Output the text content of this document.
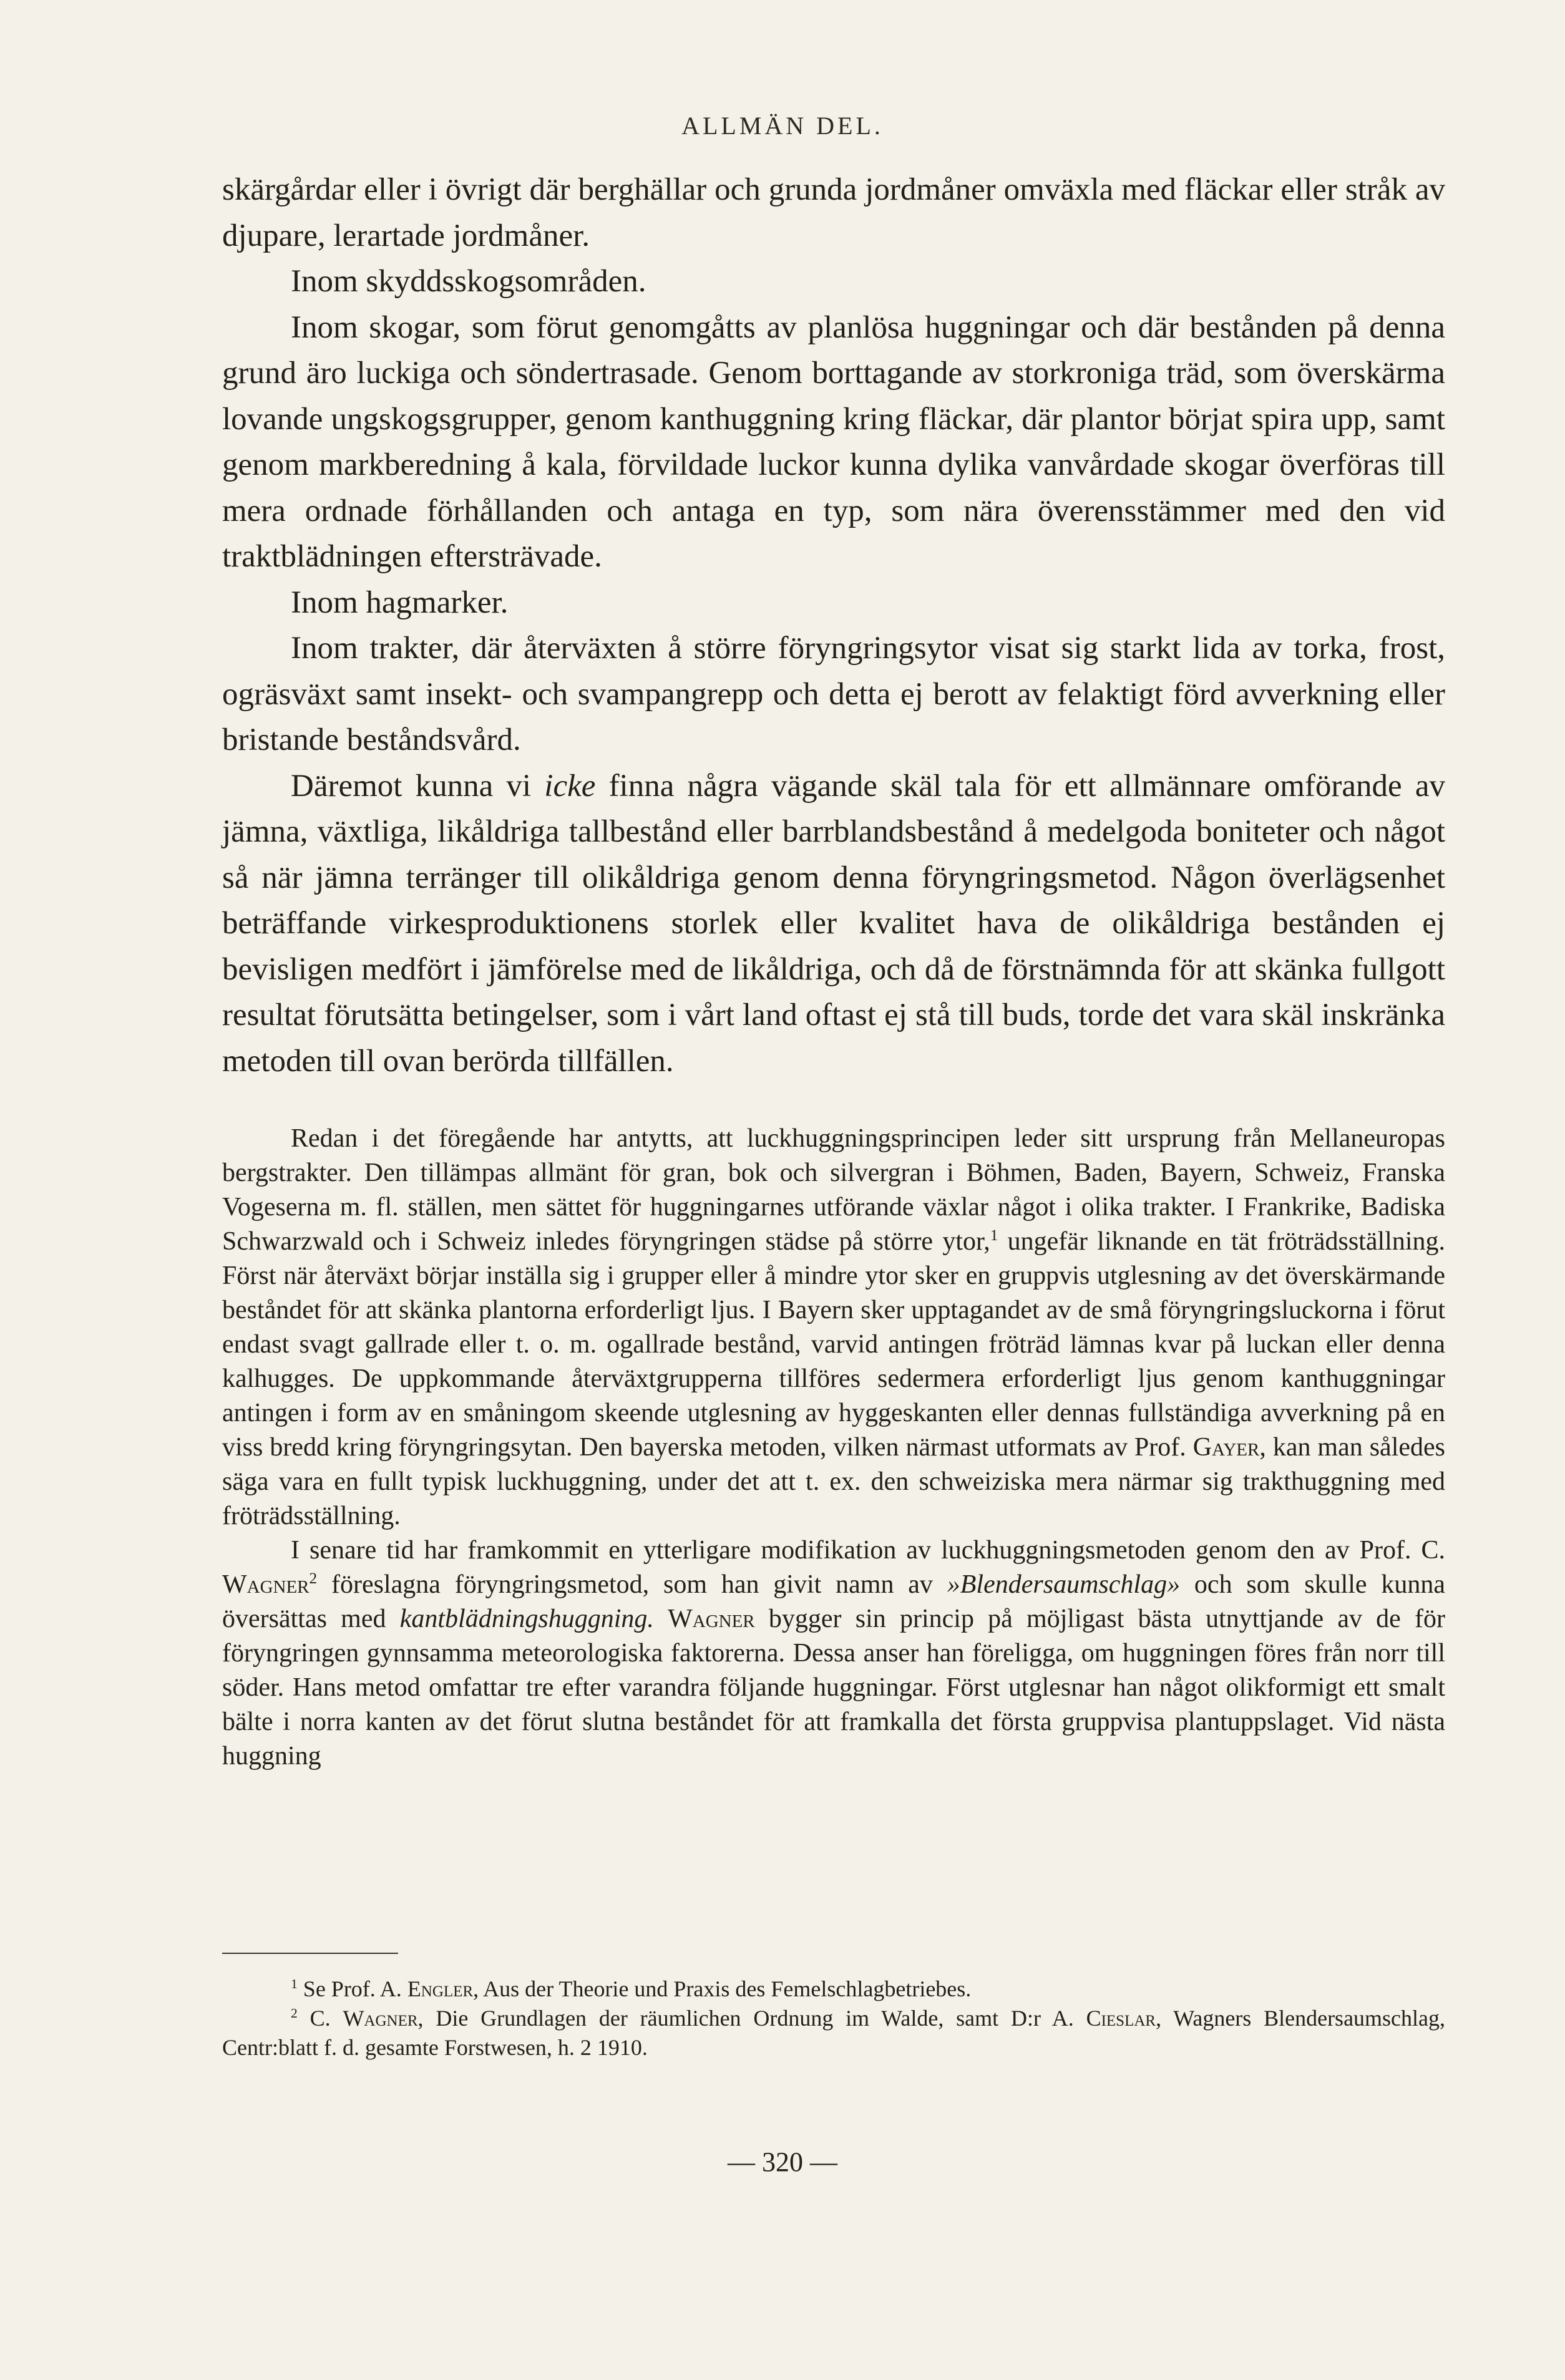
ALLMÄN DEL.

skärgårdar eller i övrigt där berghällar och grunda jordmåner omväxla med fläckar eller stråk av djupare, lerartade jordmåner.

Inom skyddsskogsområden.

Inom skogar, som förut genomgåtts av planlösa huggningar och där bestånden på denna grund äro luckiga och söndertrasade. Genom borttagande av storkroniga träd, som överskärma lovande ungskogsgrupper, genom kanthuggning kring fläckar, där plantor börjat spira upp, samt genom markberedning å kala, förvildade luckor kunna dylika vanvårdade skogar överföras till mera ordnade förhållanden och antaga en typ, som nära överensstämmer med den vid traktblädningen eftersträvade.

Inom hagmarker.

Inom trakter, där återväxten å större föryngringsytor visat sig starkt lida av torka, frost, ogräsväxt samt insekt- och svampangrepp och detta ej berott av felaktigt förd avverkning eller bristande beståndsvård.

Däremot kunna vi icke finna några vägande skäl tala för ett allmännare omförande av jämna, växtliga, likåldriga tallbestånd eller barrblandsbestånd å medelgoda boniteter och något så när jämna terränger till olikåldriga genom denna föryngringsmetod. Någon överlägsenhet beträffande virkesproduktionens storlek eller kvalitet hava de olikåldriga bestånden ej bevisligen medfört i jämförelse med de likåldriga, och då de förstnämnda för att skänka fullgott resultat förutsätta betingelser, som i vårt land oftast ej stå till buds, torde det vara skäl inskränka metoden till ovan berörda tillfällen.

Redan i det föregående har antytts, att luckhuggningsprincipen leder sitt ursprung från Mellaneuropas bergstrakter. Den tillämpas allmänt för gran, bok och silvergran i Böhmen, Baden, Bayern, Schweiz, Franska Vogeserna m. fl. ställen, men sättet för huggningarnes utförande växlar något i olika trakter. I Frankrike, Badiska Schwarzwald och i Schweiz inledes föryngringen städse på större ytor,$^1$ ungefär liknande en tät fröträdsställning. Först när återväxt börjar inställa sig i grupper eller å mindre ytor sker en gruppvis utglesning av det överskärmande beståndet för att skänka plantorna erforderligt ljus. I Bayern sker upptagandet av de små föryngringsluckorna i förut endast svagt gallrade eller t. o. m. ogallrade bestånd, varvid antingen fröträd lämnas kvar på luckan eller denna kalhugges. De uppkommande återväxtgrupperna tillföres sedermera erforderligt ljus genom kanthuggningar antingen i form av en småningom skeende utglesning av hyggeskanten eller dennas fullständiga avverkning på en viss bredd kring föryngringsytan. Den bayerska metoden, vilken närmast utformats av Prof. Gayer, kan man således säga vara en fullt typisk luckhuggning, under det att t. ex. den schweiziska mera närmar sig trakthuggning med fröträdsställning.

I senare tid har framkommit en ytterligare modifikation av luckhuggningsmetoden genom den av Prof. C. Wagner$^2$ föreslagna föryngringsmetod, som han givit namn av »Blendersaumschlag» och som skulle kunna översättas med kantblädningshuggning. Wagner bygger sin princip på möjligast bästa utnyttjande av de för föryngringen gynnsamma meteorologiska faktorerna. Dessa anser han föreligga, om huggningen föres från norr till söder. Hans metod omfattar tre efter varandra följande huggningar. Först utglesnar han något olikformigt ett smalt bälte i norra kanten av det förut slutna beståndet för att framkalla det första gruppvisa plantuppslaget. Vid nästa huggning

$^1$ Se Prof. A. Engler, Aus der Theorie und Praxis des Femelschlagbetriebes.

$^2$ C. Wagner, Die Grundlagen der räumlichen Ordnung im Walde, samt D:r A. Cieslar, Wagners Blendersaumschlag, Centr:blatt f. d. gesamte Forstwesen, h. 2 1910.

— 320 —
